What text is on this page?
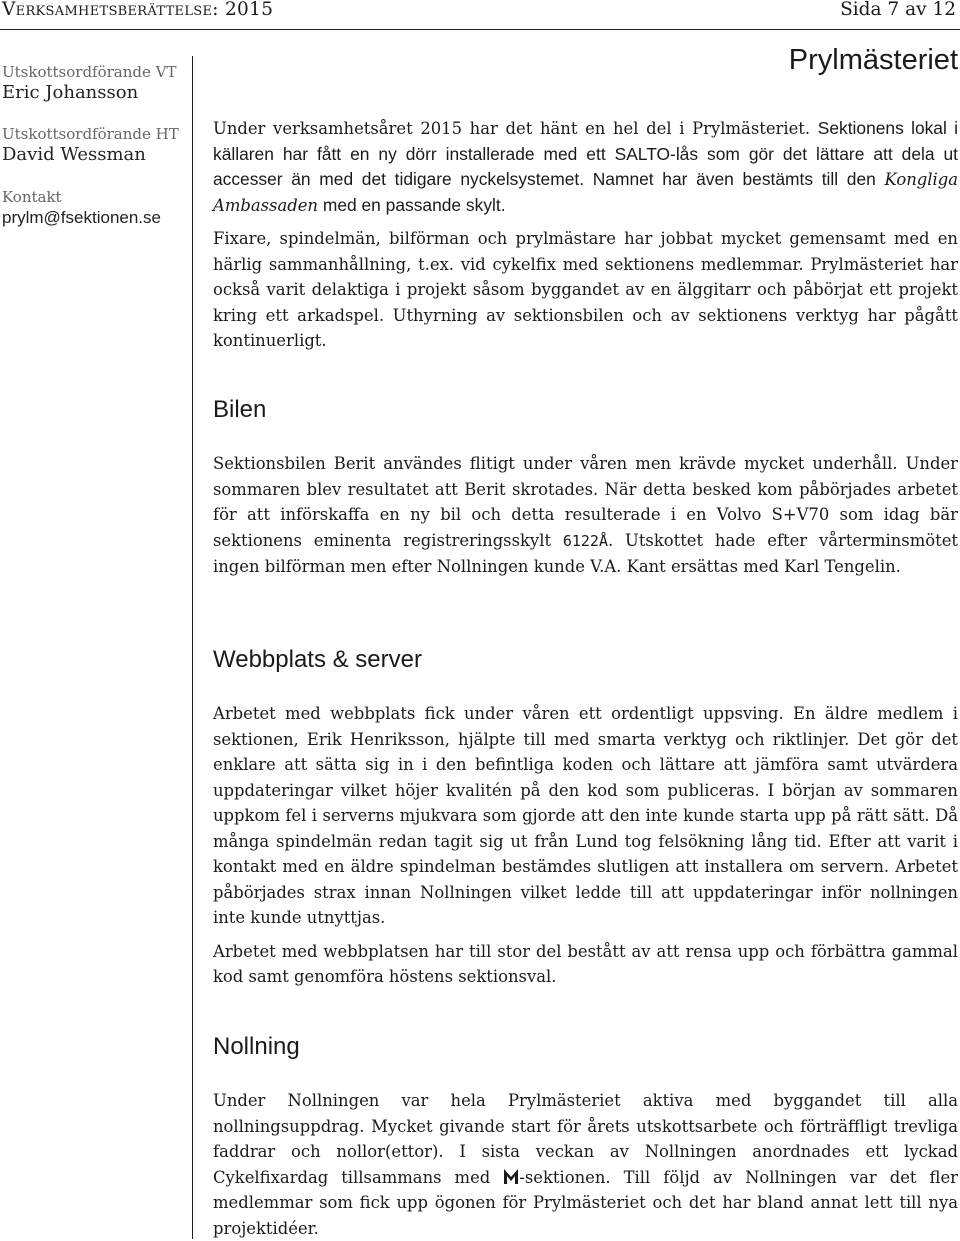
Verksamhetsberättelse: 2015	Sida 7 av 12
Utskottsordförande VT
Eric Johansson
Utskottsordförande HT
David Wessman
Kontakt
prylm@fsektionen.se
Prylmästeriet

Under verksamhetsåret 2015 har det hänt en hel del i Prylmästeriet. Sektionens lokal i källaren har fått en ny dörr installerade med ett SALTO-lås som gör det lättare att dela ut accesser än med det tidigare nyckelsystemet. Namnet har även bestämts till den Kongliga Ambassaden med en passande skylt.

Fixare, spindelmän, bilförman och prylmästare har jobbat mycket gemensamt med en härlig sammanhållning, t.ex. vid cykelfix med sektionens medlemmar. Prylmästeriet har också varit delaktiga i projekt såsom byggandet av en älggitarr och påbörjat ett projekt kring ett arkadspel. Uthyrning av sektionsbilen och av sektionens verktyg har pågått kontinuerligt.

Bilen

Sektionsbilen Berit användes flitigt under våren men krävde mycket underhåll. Under sommaren blev resultatet att Berit skrotades. När detta besked kom påbörjades arbetet för att införskaffa en ny bil och detta resulterade i en Volvo S+V70 som idag bär sektionens eminenta registreringsskylt 6122Å. Utskottet hade efter vårterminsmötet ingen bilförman men efter Nollningen kunde V.A. Kant ersättas med Karl Tengelin.

Webbplats & server

Arbetet med webbplats fick under våren ett ordentligt uppsving. En äldre medlem i sektionen, Erik Henriksson, hjälpte till med smarta verktyg och riktlinjer. Det gör det enklare att sätta sig in i den befintliga koden och lättare att jämföra samt utvärdera uppdateringar vilket höjer kvalitén på den kod som publiceras. I början av sommaren uppkom fel i serverns mjukvara som gjorde att den inte kunde starta upp på rätt sätt. Då många spindelmän redan tagit sig ut från Lund tog felsökning lång tid. Efter att varit i kontakt med en äldre spindelman bestämdes slutligen att installera om servern. Arbetet påbörjades strax innan Nollningen vilket ledde till att uppdateringar inför nollningen inte kunde utnyttjas.

Arbetet med webbplatsen har till stor del bestått av att rensa upp och förbättra gammal kod samt genomföra höstens sektionsval.

Nollning

Under Nollningen var hela Prylmästeriet aktiva med byggandet till alla nollningsuppdrag. Mycket givande start för årets utskottsarbete och förträffligt trevliga faddrar och nollor(ettor). I sista veckan av Nollningen anordnades ett lyckad Cykelfixardag tillsammans med -sektionen. Till följd av Nollningen var det fler medlemmar som fick upp ögonen för Prylmästeriet och det har bland annat lett till nya projektidéer.
